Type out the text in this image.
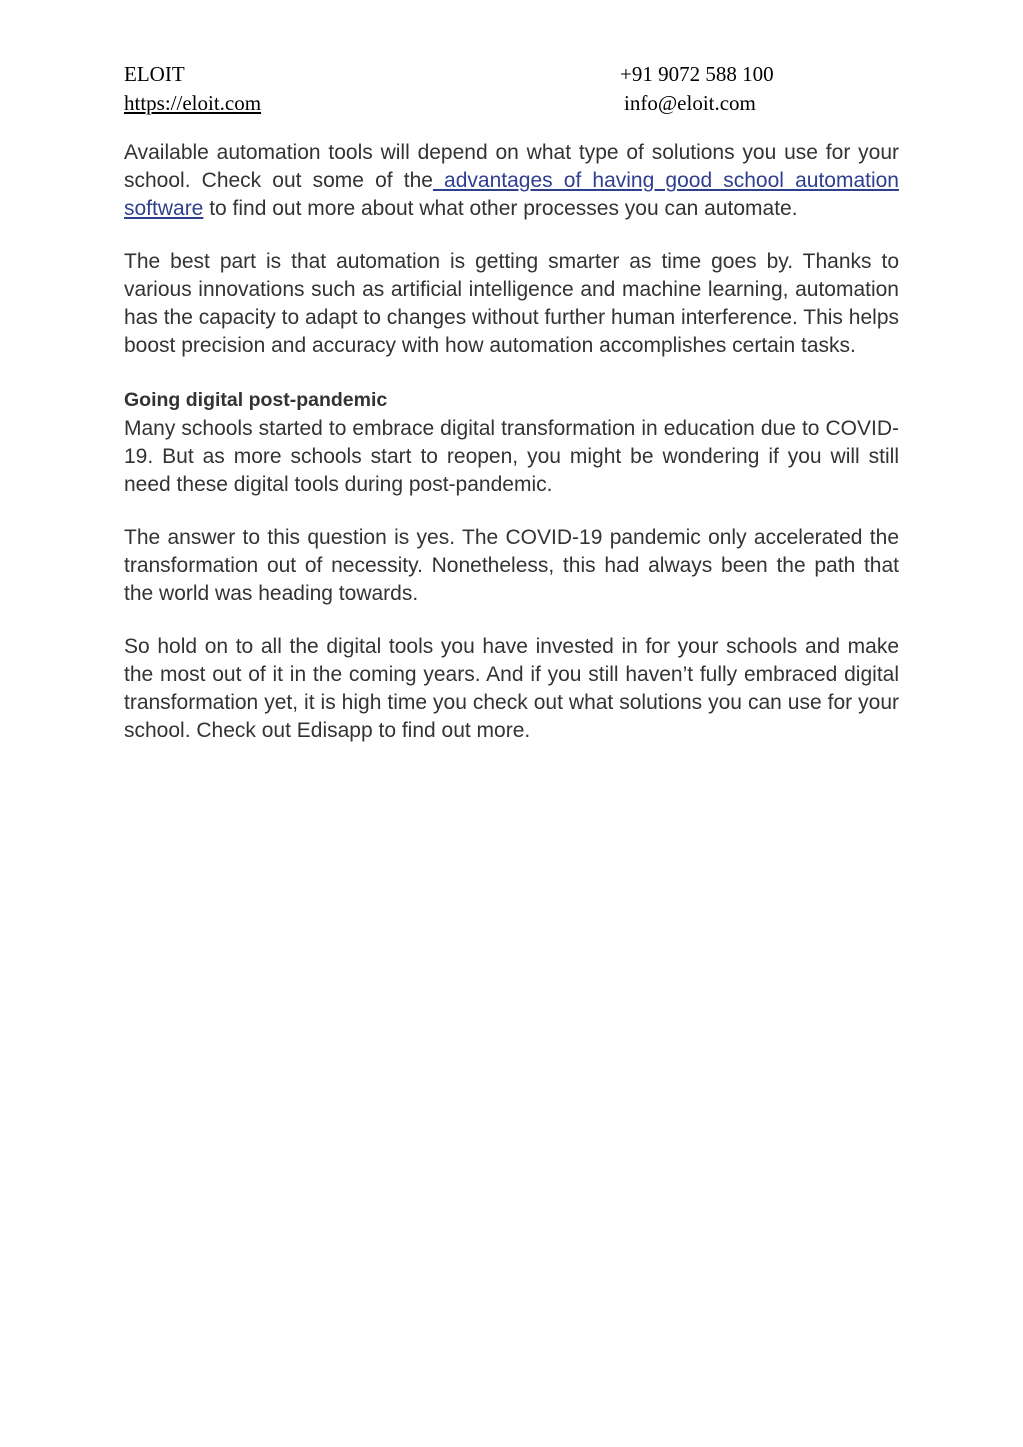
ELOIT	+91 9072 588 100
https://eloit.com	info@eloit.com

Available automation tools will depend on what type of solutions you use for your school. Check out some of the advantages of having good school automation software to find out more about what other processes you can automate.

The best part is that automation is getting smarter as time goes by. Thanks to various innovations such as artificial intelligence and machine learning, automation has the capacity to adapt to changes without further human interference. This helps boost precision and accuracy with how automation accomplishes certain tasks.

Going digital post-pandemic

Many schools started to embrace digital transformation in education due to COVID-19. But as more schools start to reopen, you might be wondering if you will still need these digital tools during post-pandemic.

The answer to this question is yes. The COVID-19 pandemic only accelerated the transformation out of necessity. Nonetheless, this had always been the path that the world was heading towards.

So hold on to all the digital tools you have invested in for your schools and make the most out of it in the coming years. And if you still haven’t fully embraced digital transformation yet, it is high time you check out what solutions you can use for your school. Check out Edisapp to find out more.
